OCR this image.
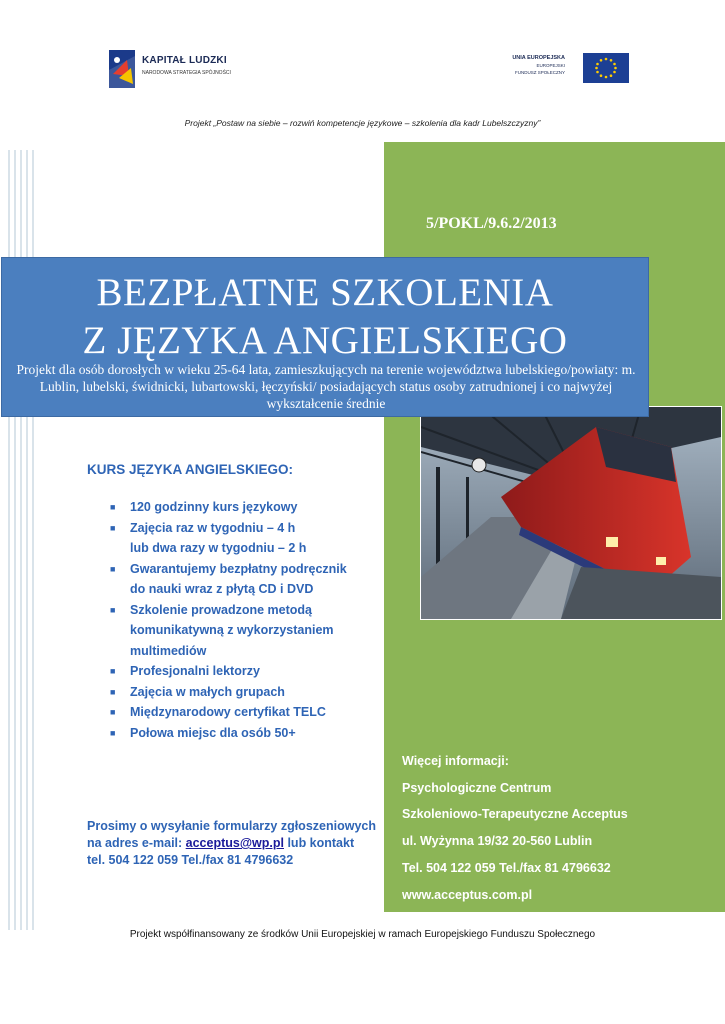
KAPITAŁ LUDZKI
NARODOWA STRATEGIA SPÓJNOŚCI
UNIA EUROPEJSKA
EUROPEJSKI
FUNDUSZ SPOŁECZNY
Projekt „Postaw na siebie – rozwiń kompetencje językowe – szkolenia dla kadr Lubelszczyzny”
5/POKL/9.6.2/2013
BEZPŁATNE SZKOLENIA
Z JĘZYKA ANGIELSKIEGO
Projekt dla osób dorosłych w wieku 25-64 lata, zamieszkujących na terenie województwa lubelskiego/powiaty: m. Lublin, lubelski, świdnicki, lubartowski, łęczyński/ posiadających status osoby zatrudnionej i co najwyżej wykształcenie średnie
KURS JĘZYKA ANGIELSKIEGO:
■ 120 godzinny kurs językowy
■ Zajęcia raz w tygodniu – 4 h
lub dwa razy w tygodniu – 2 h
■ Gwarantujemy bezpłatny podręcznik
do nauki wraz z płytą CD i DVD
■ Szkolenie prowadzone metodą
komunikatywną z wykorzystaniem
multimediów
■ Profesjonalni lektorzy
■ Zajęcia w małych grupach
■ Międzynarodowy certyfikat TELC
■ Połowa miejsc dla osób 50+
Prosimy o wysyłanie formularzy zgłoszeniowych
na adres e-mail: acceptus@wp.pl lub kontakt
tel. 504 122 059 Tel./fax 81 4796632
Więcej informacji:
Psychologiczne Centrum
Szkoleniowo-Terapeutyczne Acceptus
ul. Wyżynna 19/32 20-560 Lublin
Tel. 504 122 059 Tel./fax 81 4796632
www.acceptus.com.pl
Projekt współfinansowany ze środków Unii Europejskiej w ramach Europejskiego Funduszu Społecznego
